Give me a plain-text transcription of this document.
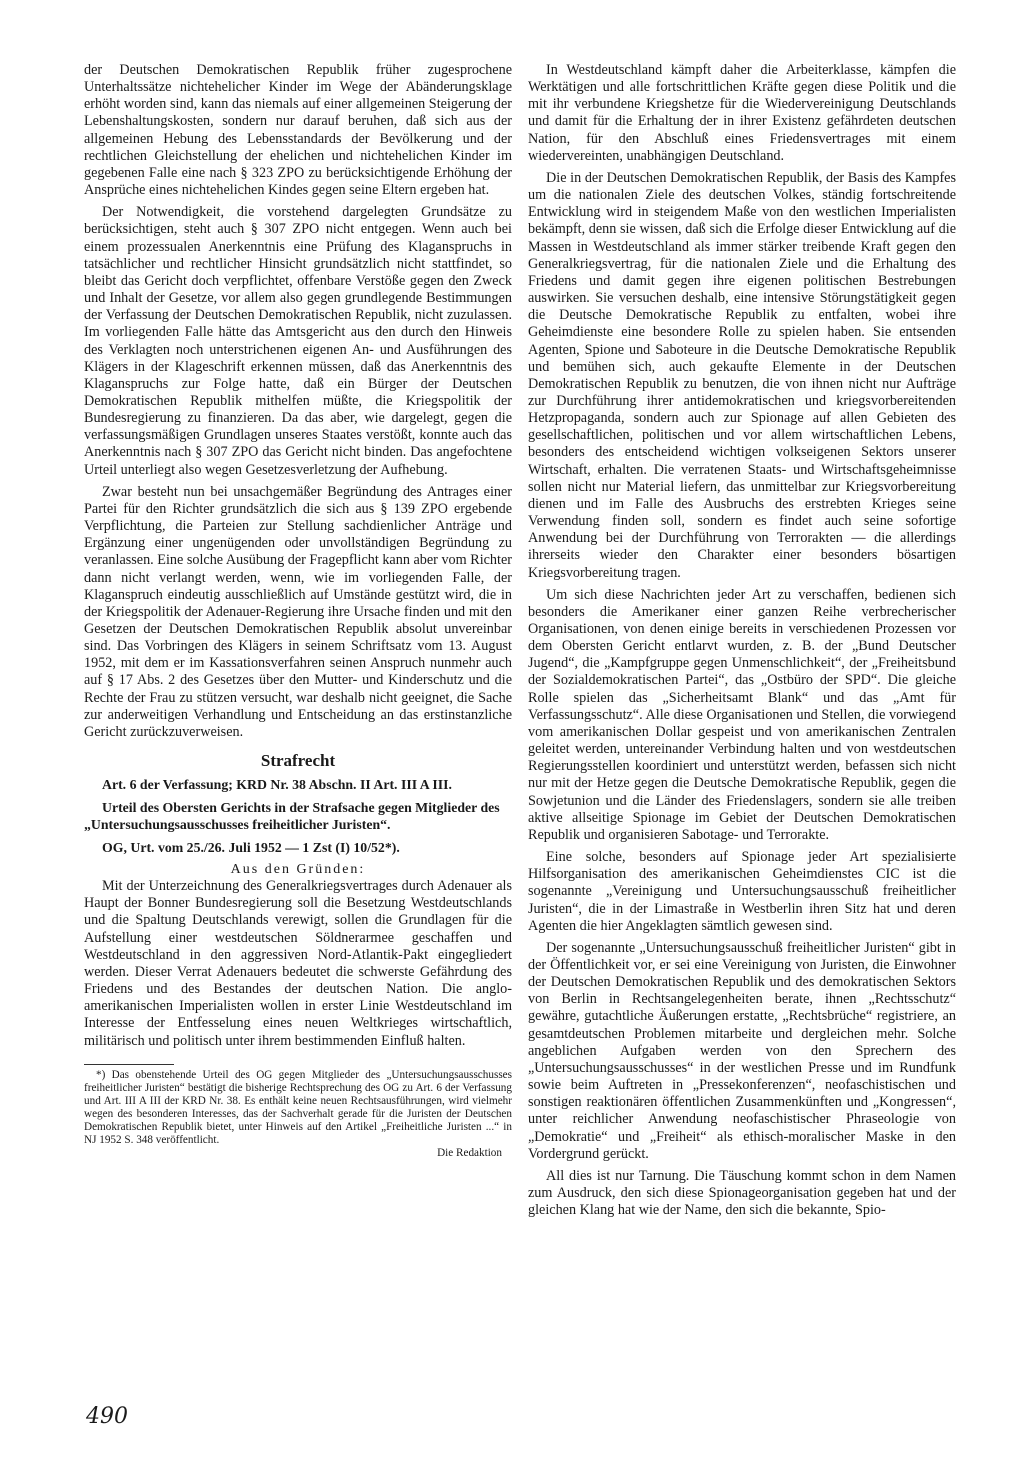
der Deutschen Demokratischen Republik früher zugesprochene Unterhaltssätze nichtehelicher Kinder im Wege der Abänderungsklage erhöht worden sind, kann das niemals auf einer allgemeinen Steigerung der Lebenshaltungskosten, sondern nur darauf beruhen, daß sich aus der allgemeinen Hebung des Lebensstandards der Bevölkerung und der rechtlichen Gleichstellung der ehelichen und nichtehelichen Kinder im gegebenen Falle eine nach § 323 ZPO zu berücksichtigende Erhöhung der Ansprüche eines nichtehelichen Kindes gegen seine Eltern ergeben hat.

Der Notwendigkeit, die vorstehend dargelegten Grundsätze zu berücksichtigen, steht auch § 307 ZPO nicht entgegen. Wenn auch bei einem prozessualen Anerkenntnis eine Prüfung des Klaganspruchs in tatsächlicher und rechtlicher Hinsicht grundsätzlich nicht stattfindet, so bleibt das Gericht doch verpflichtet, offenbare Verstöße gegen den Zweck und Inhalt der Gesetze, vor allem also gegen grundlegende Bestimmungen der Verfassung der Deutschen Demokratischen Republik, nicht zuzulassen. Im vorliegenden Falle hätte das Amtsgericht aus den durch den Hinweis des Verklagten noch unterstrichenen eigenen An- und Ausführungen des Klägers in der Klageschrift erkennen müssen, daß das Anerkenntnis des Klaganspruchs zur Folge hatte, daß ein Bürger der Deutschen Demokratischen Republik mithelfen müßte, die Kriegspolitik der Bundesregierung zu finanzieren. Da das aber, wie dargelegt, gegen die verfassungsmäßigen Grundlagen unseres Staates verstößt, konnte auch das Anerkenntnis nach § 307 ZPO das Gericht nicht binden. Das angefochtene Urteil unterliegt also wegen Gesetzesverletzung der Aufhebung.

Zwar besteht nun bei unsachgemäßer Begründung des Antrages einer Partei für den Richter grundsätzlich die sich aus § 139 ZPO ergebende Verpflichtung, die Parteien zur Stellung sachdienlicher Anträge und Ergänzung einer ungenügenden oder unvollständigen Begründung zu veranlassen. Eine solche Ausübung der Fragepflicht kann aber vom Richter dann nicht verlangt werden, wenn, wie im vorliegenden Falle, der Klaganspruch eindeutig ausschließlich auf Umstände gestützt wird, die in der Kriegspolitik der Adenauer-Regierung ihre Ursache finden und mit den Gesetzen der Deutschen Demokratischen Republik absolut unvereinbar sind. Das Vorbringen des Klägers in seinem Schriftsatz vom 13. August 1952, mit dem er im Kassationsverfahren seinen Anspruch nunmehr auch auf § 17 Abs. 2 des Gesetzes über den Mutter- und Kinderschutz und die Rechte der Frau zu stützen versucht, war deshalb nicht geeignet, die Sache zur anderweitigen Verhandlung und Entscheidung an das erstinstanzliche Gericht zurückzuverweisen.

Strafrecht
Art. 6 der Verfassung; KRD Nr. 38 Abschn. II Art. III A III.
Urteil des Obersten Gerichts in der Strafsache gegen Mitglieder des „Untersuchungsausschusses freiheitlicher Juristen“.
OG, Urt. vom 25./26. Juli 1952 — 1 Zst (I) 10/52*).
Aus den Gründen:

Mit der Unterzeichnung des Generalkriegsvertrages durch Adenauer als Haupt der Bonner Bundesregierung soll die Besetzung Westdeutschlands und die Spaltung Deutschlands verewigt, sollen die Grundlagen für die Aufstellung einer westdeutschen Söldnerarmee geschaffen und Westdeutschland in den aggressiven Nord-Atlantik-Pakt eingegliedert werden. Dieser Verrat Adenauers bedeutet die schwerste Gefährdung des Friedens und des Bestandes der deutschen Nation. Die anglo-amerikanischen Imperialisten wollen in erster Linie Westdeutschland im Interesse der Entfesselung eines neuen Weltkrieges wirtschaftlich, militärisch und politisch unter ihrem bestimmenden Einfluß halten.

*) Das obenstehende Urteil des OG gegen Mitglieder des „Untersuchungsausschusses freiheitlicher Juristen“ bestätigt die bisherige Rechtsprechung des OG zu Art. 6 der Verfassung und Art. III A III der KRD Nr. 38. Es enthält keine neuen Rechtsausführungen, wird vielmehr wegen des besonderen Interesses, das der Sachverhalt gerade für die Juristen der Deutschen Demokratischen Republik bietet, unter Hinweis auf den Artikel „Freiheitliche Juristen ...“ in NJ 1952 S. 348 veröffentlicht.

Die Redaktion

In Westdeutschland kämpft daher die Arbeiterklasse, kämpfen die Werktätigen und alle fortschrittlichen Kräfte gegen diese Politik und die mit ihr verbundene Kriegshetze für die Wiedervereinigung Deutschlands und damit für die Erhaltung der in ihrer Existenz gefährdeten deutschen Nation, für den Abschluß eines Friedensvertrages mit einem wiedervereinten, unabhängigen Deutschland.

Die in der Deutschen Demokratischen Republik, der Basis des Kampfes um die nationalen Ziele des deutschen Volkes, ständig fortschreitende Entwicklung wird in steigendem Maße von den westlichen Imperialisten bekämpft, denn sie wissen, daß sich die Erfolge dieser Entwicklung auf die Massen in Westdeutschland als immer stärker treibende Kraft gegen den Generalkriegsvertrag, für die nationalen Ziele und die Erhaltung des Friedens und damit gegen ihre eigenen politischen Bestrebungen auswirken. Sie versuchen deshalb, eine intensive Störungstätigkeit gegen die Deutsche Demokratische Republik zu entfalten, wobei ihre Geheimdienste eine besondere Rolle zu spielen haben. Sie entsenden Agenten, Spione und Saboteure in die Deutsche Demokratische Republik und bemühen sich, auch gekaufte Elemente in der Deutschen Demokratischen Republik zu benutzen, die von ihnen nicht nur Aufträge zur Durchführung ihrer antidemokratischen und kriegsvorbereitenden Hetzpropaganda, sondern auch zur Spionage auf allen Gebieten des gesellschaftlichen, politischen und vor allem wirtschaftlichen Lebens, besonders des entscheidend wichtigen volkseigenen Sektors unserer Wirtschaft, erhalten. Die verratenen Staats- und Wirtschaftsgeheimnisse sollen nicht nur Material liefern, das unmittelbar zur Kriegsvorbereitung dienen und im Falle des Ausbruchs des erstrebten Krieges seine Verwendung finden soll, sondern es findet auch seine sofortige Anwendung bei der Durchführung von Terrorakten — die allerdings ihrerseits wieder den Charakter einer besonders bösartigen Kriegsvorbereitung tragen.

Um sich diese Nachrichten jeder Art zu verschaffen, bedienen sich besonders die Amerikaner einer ganzen Reihe verbrecherischer Organisationen, von denen einige bereits in verschiedenen Prozessen vor dem Obersten Gericht entlarvt wurden, z. B. der „Bund Deutscher Jugend“, die „Kampfgruppe gegen Unmenschlichkeit“, der „Freiheitsbund der Sozialdemokratischen Partei“, das „Ostbüro der SPD“. Die gleiche Rolle spielen das „Sicherheitsamt Blank“ und das „Amt für Verfassungsschutz“. Alle diese Organisationen und Stellen, die vorwiegend vom amerikanischen Dollar gespeist und von amerikanischen Zentralen geleitet werden, untereinander Verbindung halten und von westdeutschen Regierungsstellen koordiniert und unterstützt werden, befassen sich nicht nur mit der Hetze gegen die Deutsche Demokratische Republik, gegen die Sowjetunion und die Länder des Friedenslagers, sondern sie alle treiben aktive allseitige Spionage im Gebiet der Deutschen Demokratischen Republik und organisieren Sabotage- und Terrorakte.

Eine solche, besonders auf Spionage jeder Art spezialisierte Hilfsorganisation des amerikanischen Geheimdienstes CIC ist die sogenannte „Vereinigung und Untersuchungsausschuß freiheitlicher Juristen“, die in der Limastraße in Westberlin ihren Sitz hat und deren Agenten die hier Angeklagten sämtlich gewesen sind.

Der sogenannte „Untersuchungsausschuß freiheitlicher Juristen“ gibt in der Öffentlichkeit vor, er sei eine Vereinigung von Juristen, die Einwohner der Deutschen Demokratischen Republik und des demokratischen Sektors von Berlin in Rechtsangelegenheiten berate, ihnen „Rechtsschutz“ gewähre, gutachtliche Äußerungen erstatte, „Rechtsbrüche“ registriere, an gesamtdeutschen Problemen mitarbeite und dergleichen mehr. Solche angeblichen Aufgaben werden von den Sprechern des „Untersuchungsausschusses“ in der westlichen Presse und im Rundfunk sowie beim Auftreten in „Pressekonferenzen“, neofaschistischen und sonstigen reaktionären öffentlichen Zusammenkünften und „Kongressen“, unter reichlicher Anwendung neofaschistischer Phraseologie von „Demokratie“ und „Freiheit“ als ethisch-moralischer Maske in den Vordergrund gerückt.

All dies ist nur Tarnung. Die Täuschung kommt schon in dem Namen zum Ausdruck, den sich diese Spionageorganisation gegeben hat und der gleichen Klang hat wie der Name, den sich die bekannte, Spio-

490
